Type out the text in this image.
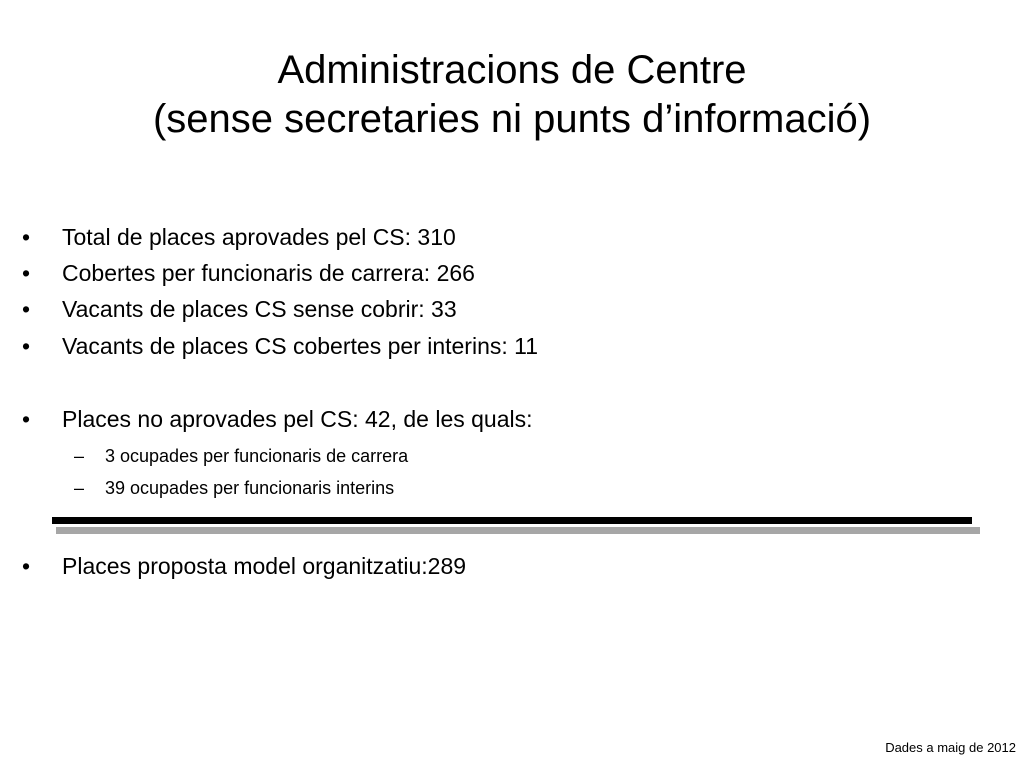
Administracions de Centre
(sense secretaries ni punts d’informació)
•	Total de places aprovades pel CS: 310
•	Cobertes per funcionaris de carrera: 266
•	Vacants de places CS sense cobrir: 33
•	Vacants de places CS cobertes per interins: 11
•	Places no aprovades pel CS: 42, de les quals:
– 3 ocupades per funcionaris de carrera
– 39 ocupades per funcionaris interins
•	Places proposta model organitzatiu:289
Dades a maig de 2012
